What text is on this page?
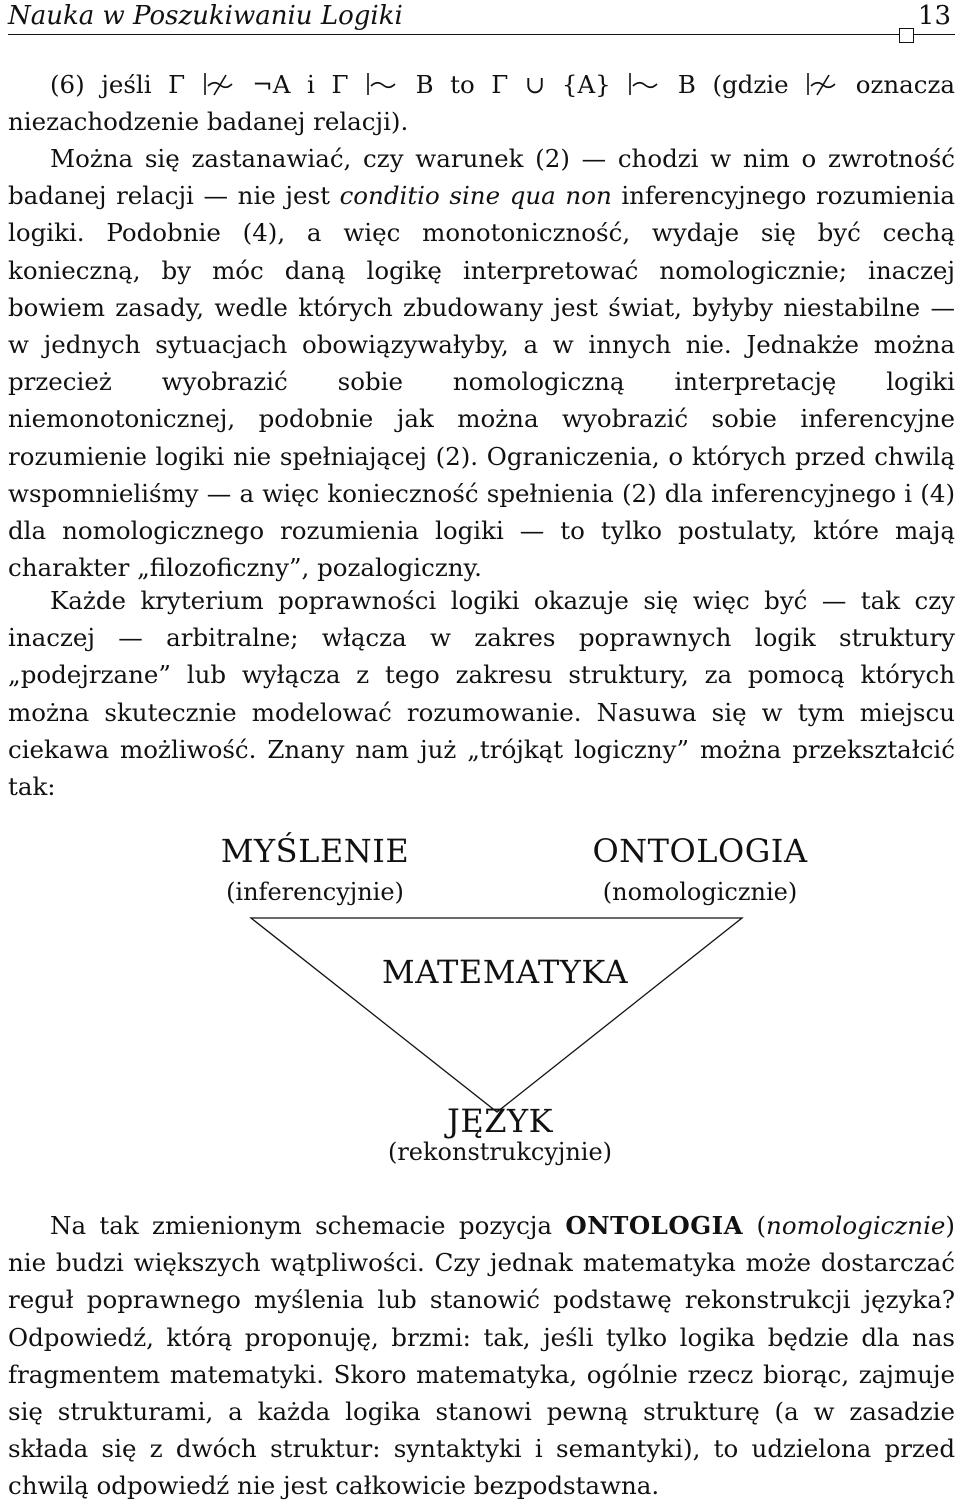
Nauka w Poszukiwaniu Logiki	13

(6) jeśli Γ	¬A i Γ	B to Γ ∪ {A}	B (gdzie	oznacza niezachodzenie badanej relacji).

Można się zastanawiać, czy warunek (2) — chodzi w nim o zwrotność badanej relacji — nie jest conditio sine qua non inferencyjnego rozumienia logiki. Podobnie (4), a więc monotoniczność, wydaje się być cechą konieczną, by móc daną logikę interpretować nomologicznie; inaczej bowiem zasady, wedle których zbudowany jest świat, byłyby niestabilne — w jednych sytuacjach obowiązywałyby, a w innych nie. Jednakże można przecież wyobrazić sobie nomologiczną interpretację logiki niemonotonicznej, podobnie jak można wyobrazić sobie inferencyjne rozumienie logiki nie spełniającej (2). Ograniczenia, o których przed chwilą wspomnieliśmy — a więc konieczność spełnienia (2) dla inferencyjnego i (4) dla nomologicznego rozumienia logiki — to tylko postulaty, które mają charakter „filozoficzny”, pozalogiczny.

Każde kryterium poprawności logiki okazuje się więc być — tak czy inaczej — arbitralne; włącza w zakres poprawnych logik struktury „podejrzane” lub wyłącza z tego zakresu struktury, za pomocą których można skutecznie modelować rozumowanie. Nasuwa się w tym miejscu ciekawa możliwość. Znany nam już „trójkąt logiczny” można przekształcić tak:

MYŚLENIE
(inferencyjnie)
ONTOLOGIA
(nomologicznie)
MATEMATYKA
JĘZYK
(rekonstrukcyjnie)

Na tak zmienionym schemacie pozycja ONTOLOGIA (nomologicznie) nie budzi większych wątpliwości. Czy jednak matematyka może dostarczać reguł poprawnego myślenia lub stanowić podstawę rekonstrukcji języka? Odpowiedź, którą proponuję, brzmi: tak, jeśli tylko logika będzie dla nas fragmentem matematyki. Skoro matematyka, ogólnie rzecz biorąc, zajmuje się strukturami, a każda logika stanowi pewną strukturę (a w zasadzie składa się z dwóch struktur: syntaktyki i semantyki), to udzielona przed chwilą odpowiedź nie jest całkowicie bezpodstawna.
